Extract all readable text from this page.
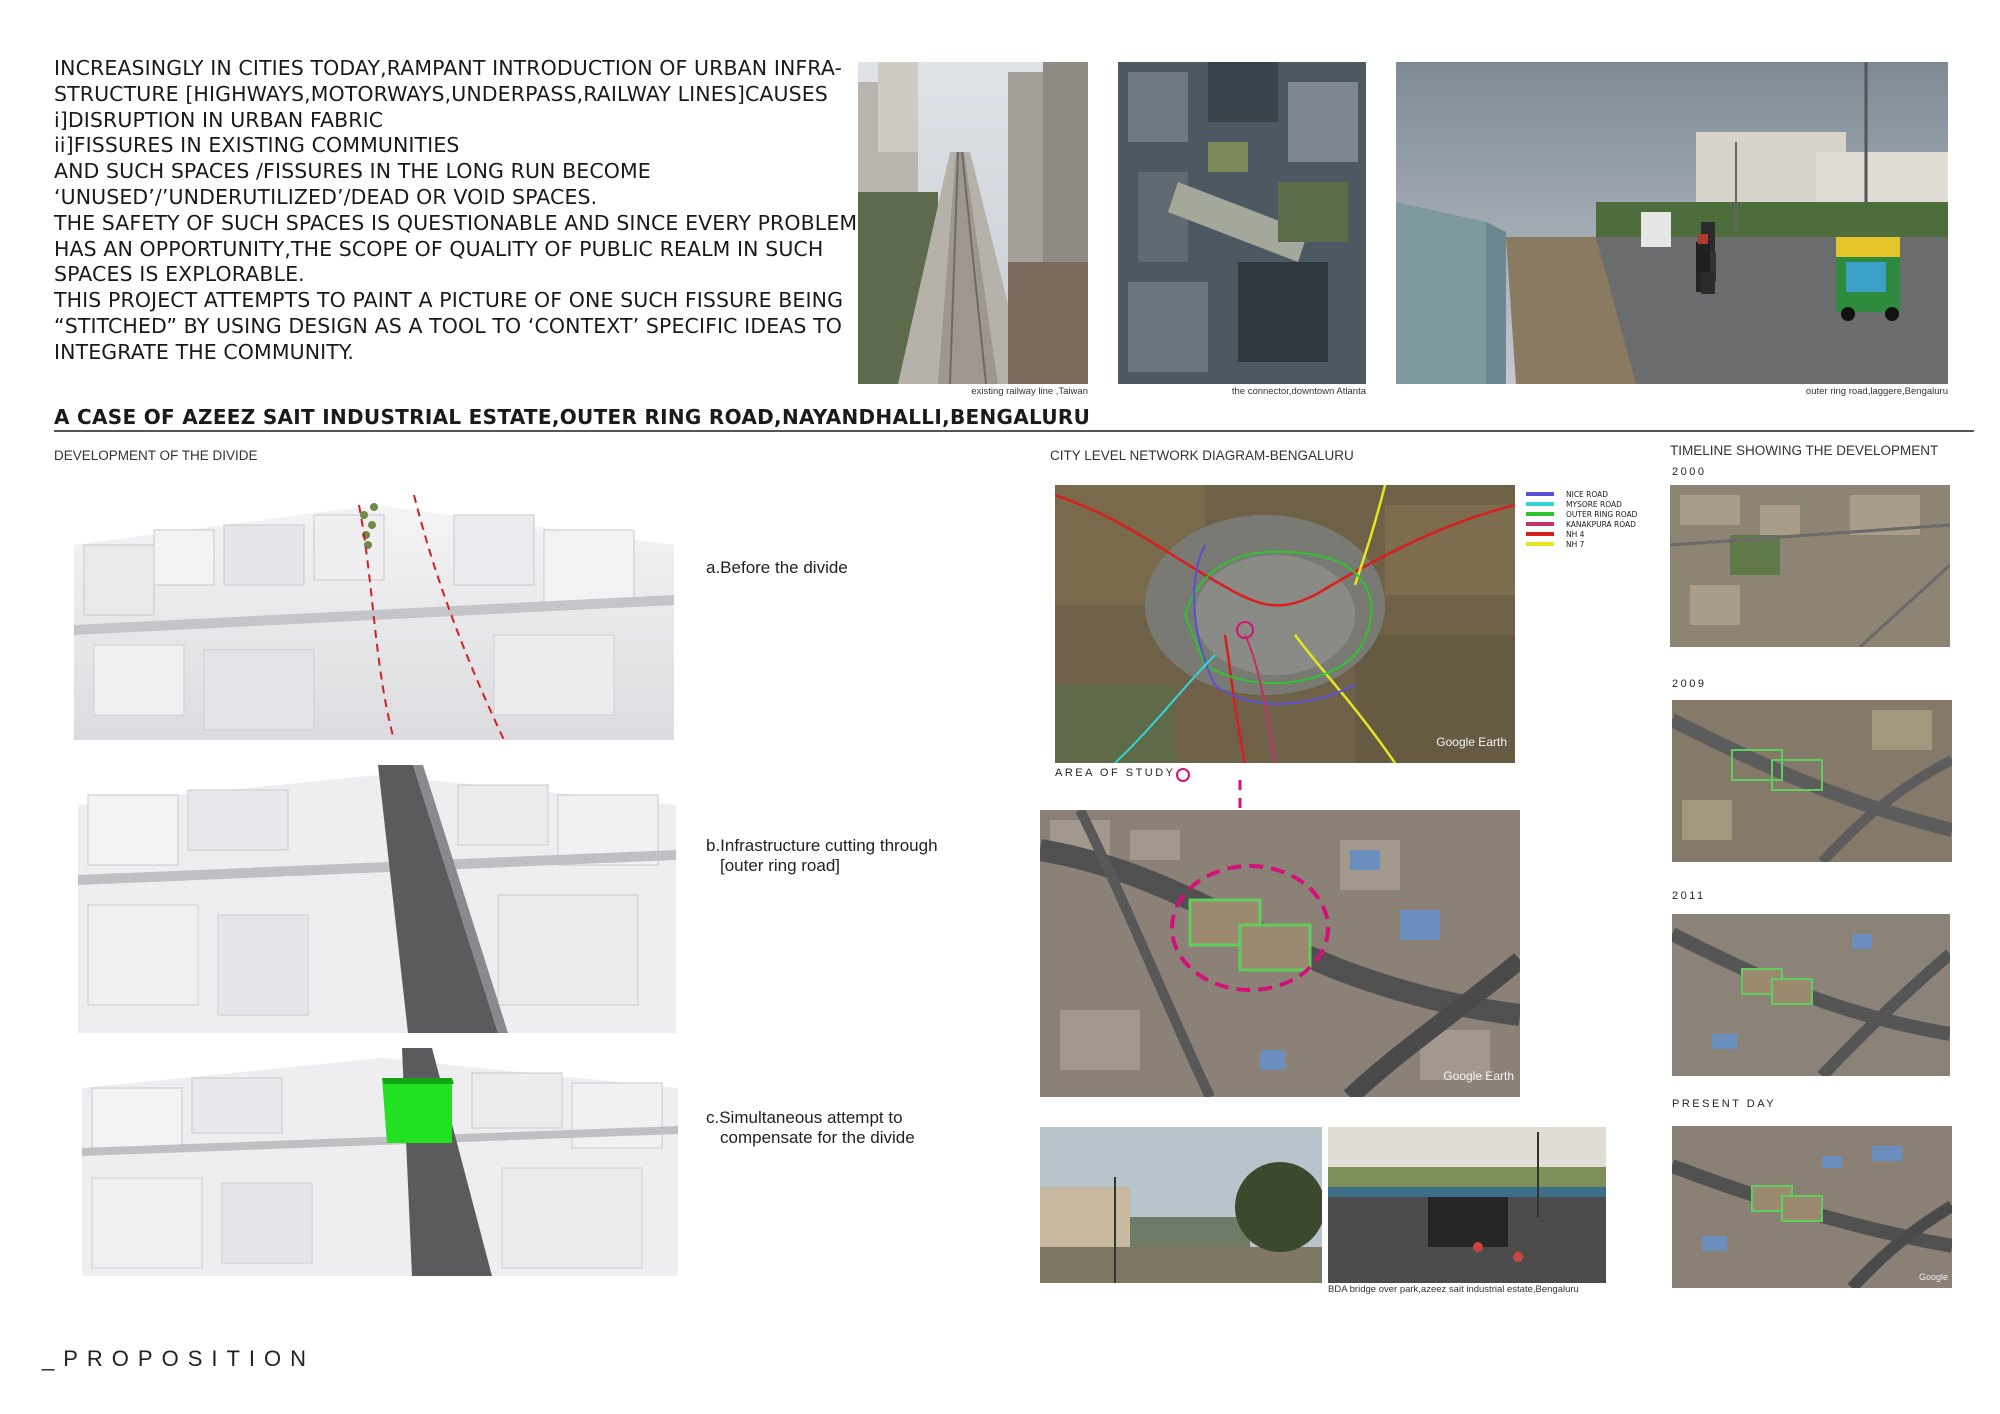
INCREASINGLY IN CITIES TODAY,RAMPANT INTRODUCTION OF URBAN INFRA-
STRUCTURE [HIGHWAYS,MOTORWAYS,UNDERPASS,RAILWAY LINES]CAUSES
i]DISRUPTION IN URBAN FABRIC
ii]FISSURES IN EXISTING COMMUNITIES
AND SUCH SPACES /FISSURES IN THE LONG RUN BECOME
‘UNUSED’/’UNDERUTILIZED’/DEAD OR VOID SPACES.
THE SAFETY OF SUCH SPACES IS QUESTIONABLE AND SINCE EVERY PROBLEM
HAS AN OPPORTUNITY,THE SCOPE OF QUALITY OF PUBLIC REALM IN SUCH
SPACES IS EXPLORABLE.
THIS PROJECT ATTEMPTS TO PAINT A PICTURE OF ONE SUCH FISSURE BEING
“STITCHED” BY USING DESIGN AS A TOOL TO ‘CONTEXT’ SPECIFIC IDEAS TO
INTEGRATE THE COMMUNITY.
existing railway line ,Taiwan	the connector,downtown Atlanta	outer ring road,laggere,Bengaluru
A CASE OF AZEEZ SAIT INDUSTRIAL ESTATE,OUTER RING ROAD,NAYANDHALLI,BENGALURU
DEVELOPMENT OF THE DIVIDE
a.Before the divide
b.Infrastructure cutting through
[outer ring road]
c.Simultaneous attempt to
compensate for the divide
CITY LEVEL NETWORK DIAGRAM-BENGALURU
Google Earth
NICE ROAD
MYSORE ROAD
OUTER RING ROAD
KANAKPURA ROAD
NH 4
NH 7
AREA OF STUDY
Google Earth
BDA bridge over park,azeez sait industrial estate,Bengaluru
TIMELINE SHOWING THE DEVELOPMENT
2000
2009
2011
PRESENT DAY
Google
_PROPOSITION
